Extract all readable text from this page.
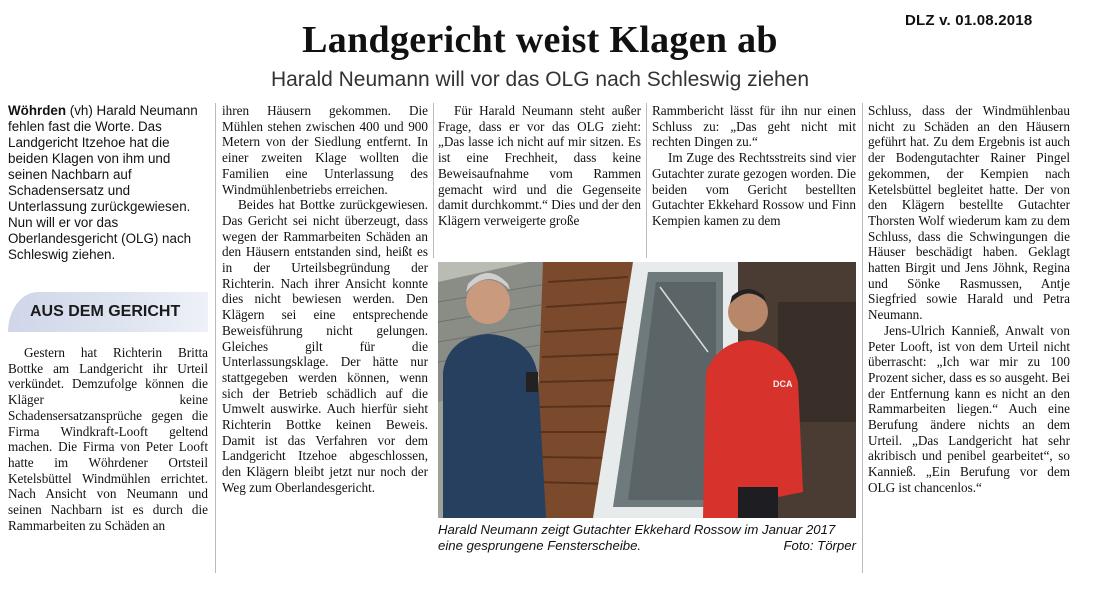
DLZ v. 01.08.2018
Landgericht weist Klagen ab
Harald Neumann will vor das OLG nach Schleswig ziehen

Wöhrden (vh) Harald Neumann fehlen fast die Worte. Das Landgericht Itzehoe hat die beiden Klagen von ihm und seinen Nachbarn auf Schadensersatz und Unterlassung zurückgewiesen. Nun will er vor das Oberlandesgericht (OLG) nach Schleswig ziehen.

AUS DEM GERICHT

Gestern hat Richterin Britta Bottke am Landgericht ihr Urteil verkündet. Demzufolge können die Kläger keine Schadensersatzansprüche gegen die Firma Windkraft-Looft geltend machen. Die Firma von Peter Looft hatte im Wöhrdener Ortsteil Ketelsbüttel Windmühlen errichtet. Nach Ansicht von Neumann und seinen Nachbarn ist es durch die Rammarbeiten zu Schäden an

ihren Häusern gekommen. Die Mühlen stehen zwischen 400 und 900 Metern von der Siedlung entfernt. In einer zweiten Klage wollten die Familien eine Unterlassung des Windmühlenbetriebs erreichen.

Beides hat Bottke zurückgewiesen. Das Gericht sei nicht überzeugt, dass wegen der Rammarbeiten Schäden an den Häusern entstanden sind, heißt es in der Urteilsbegründung der Richterin. Nach ihrer Ansicht konnte dies nicht bewiesen werden. Den Klägern sei eine entsprechende Beweisführung nicht gelungen. Gleiches gilt für die Unterlassungsklage. Der hätte nur stattgegeben werden können, wenn sich der Betrieb schädlich auf die Umwelt auswirke. Auch hierfür sieht Richterin Bottke keinen Beweis. Damit ist das Verfahren vor dem Landgericht Itzehoe abgeschlossen, den Klägern bleibt jetzt nur noch der Weg zum Oberlandesgericht.

Für Harald Neumann steht außer Frage, dass er vor das OLG zieht: „Das lasse ich nicht auf mir sitzen. Es ist eine Frechheit, dass keine Beweisaufnahme vom Rammen gemacht wird und die Gegenseite damit durchkommt.“ Dies und der den Klägern verweigerte große

Rammbericht lässt für ihn nur einen Schluss zu: „Das geht nicht mit rechten Dingen zu.“

Im Zuge des Rechtsstreits sind vier Gutachter zurate gezogen worden. Die beiden vom Gericht bestellten Gutachter Ekkehard Rossow und Finn Kempien kamen zu dem

Schluss, dass der Windmühlenbau nicht zu Schäden an den Häusern geführt hat. Zu dem Ergebnis ist auch der Bodengutachter Rainer Pingel gekommen, der Kempien nach Ketelsbüttel begleitet hatte. Der von den Klägern bestellte Gutachter Thorsten Wolf wiederum kam zu dem Schluss, dass die Schwingungen die Häuser beschädigt haben. Geklagt hatten Birgit und Jens Jöhnk, Regina und Sönke Rasmussen, Antje Siegfried sowie Harald und Petra Neumann.

Jens-Ulrich Kannieß, Anwalt von Peter Looft, ist von dem Urteil nicht überrascht: „Ich war mir zu 100 Prozent sicher, dass es so ausgeht. Bei der Entfernung kann es nicht an den Rammarbeiten liegen.“ Auch eine Berufung ändere nichts an dem Urteil. „Das Landgericht hat sehr akribisch und penibel gearbeitet“, so Kannieß. „Ein Berufung vor dem OLG ist chancenlos.“

DCA
Harald Neumann zeigt Gutachter Ekkehard Rossow im Januar 2017 eine gesprungene Fensterscheibe.	Foto: Törper
